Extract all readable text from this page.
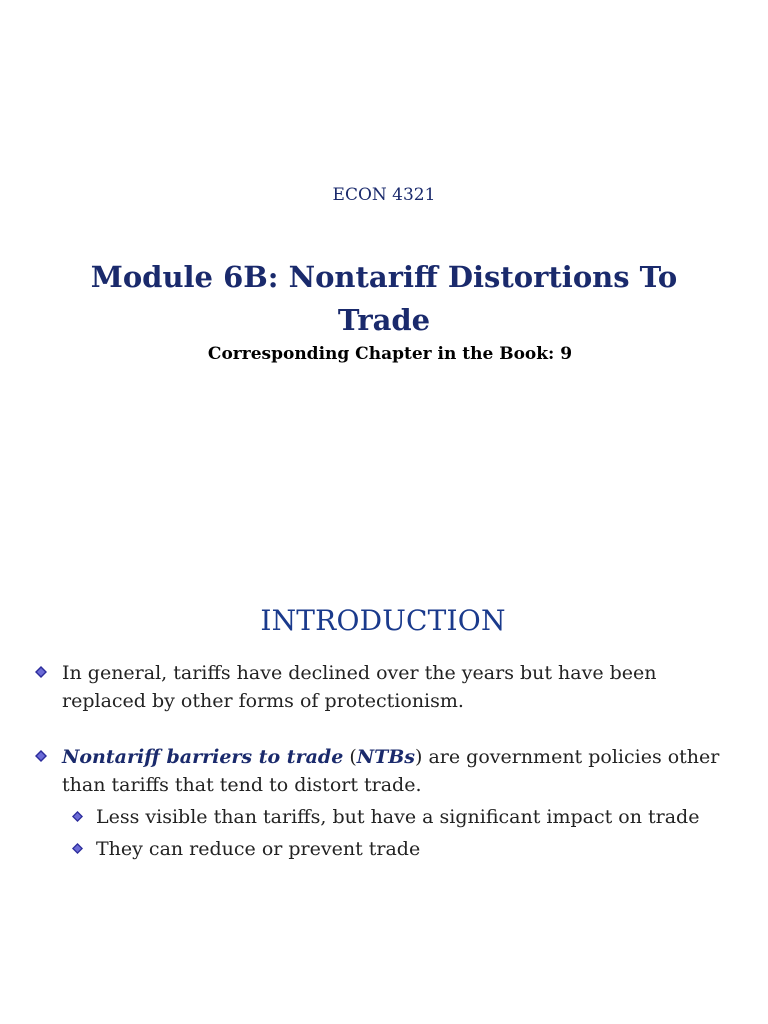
ECON 4321
Module 6B: Nontariff Distortions To Trade
Corresponding Chapter in the Book: 9
INTRODUCTION
In general, tariffs have declined over the years but have been replaced by other forms of protectionism.
Nontariff barriers to trade (NTBs) are government policies other than tariffs that tend to distort trade.
Less visible than tariffs, but have a significant impact on trade
They can reduce or prevent trade
